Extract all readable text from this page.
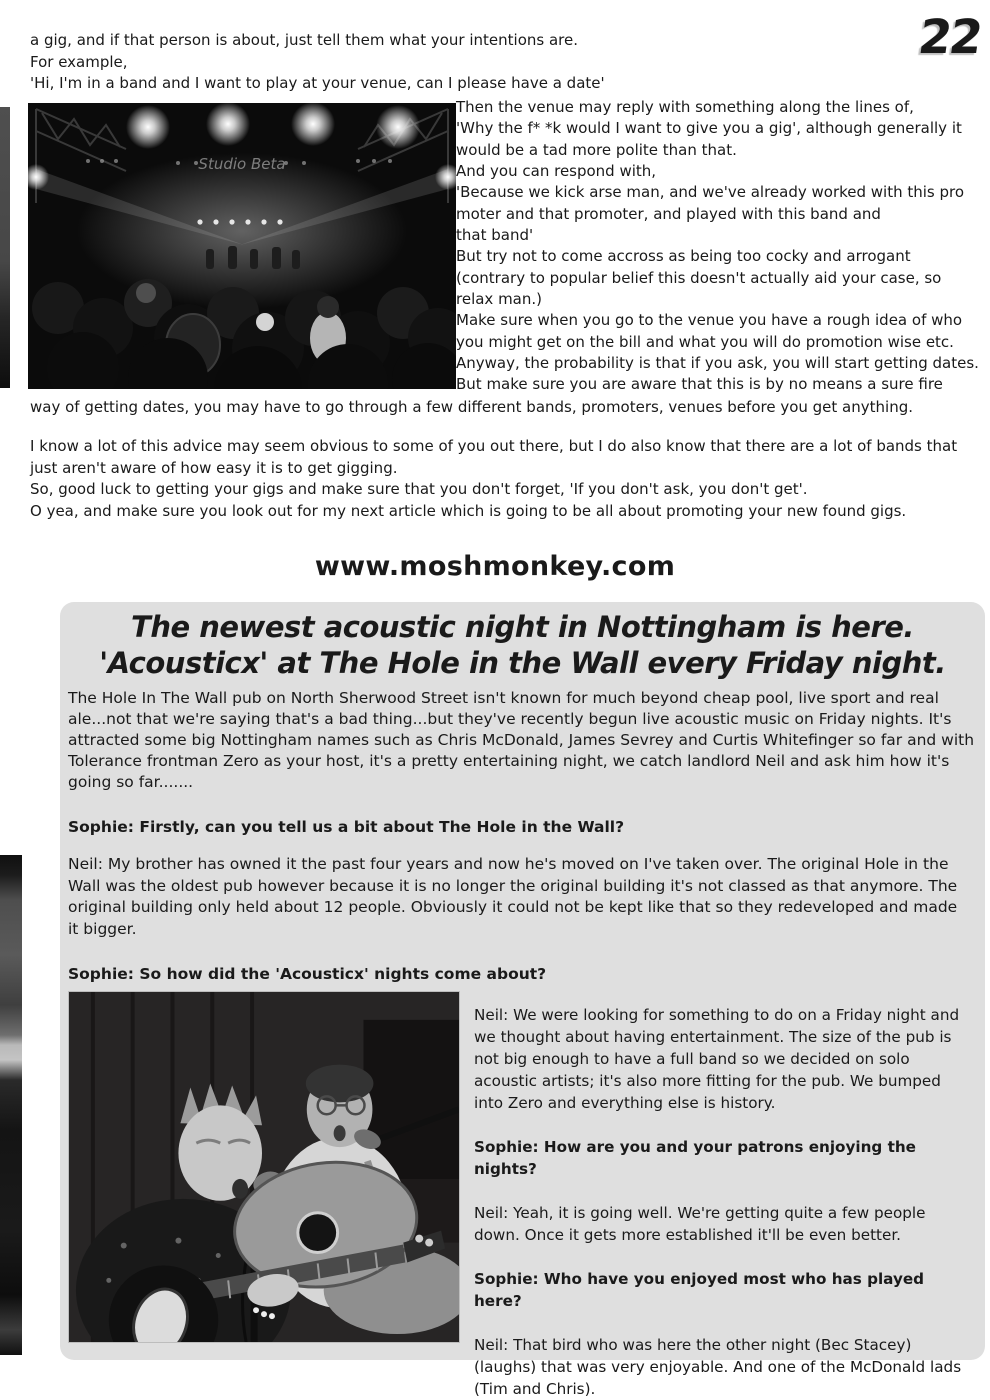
a gig, and if that person is about, just tell them what your intentions are.
For example,
'Hi, I'm in a band and I want to play at your venue, can I please have a date'
22
Then the venue may reply with something along the lines of,
'Why the f* *k would I want to give you a gig', although generally it
would be a tad more polite than that.
And you can respond with,
'Because we kick arse man, and we've already worked with this pro
moter and that promoter, and played with this band and
that band'
But try not to come accross as being too cocky and arrogant
(contrary to popular belief this doesn't actually aid your case, so
relax man.)
Make sure when you go to the venue you have a rough idea of who
you might get on the bill and what you will do promotion wise etc.
Anyway, the probability is that if you ask, you will start getting dates.
But make sure you are aware that this is by no means a sure fire
way of getting dates, you may have to go through a few different bands, promoters, venues before you get anything.
I know a lot of this advice may seem obvious to some of you out there, but I do also know that there are a lot of bands that
just aren't aware of how easy it is to get gigging.
So, good luck to getting your gigs and make sure that you don't forget, 'If you don't ask, you don't get'.
O yea, and make sure you look out for my next article which is going to be all about promoting your new found gigs.
www.moshmonkey.com
The newest acoustic night in Nottingham is here.
'Acousticx' at The Hole in the Wall every Friday night.

The Hole In The Wall pub on North Sherwood Street isn't known for much beyond cheap pool, live sport and real ale...not that we're saying that's a bad thing...but they've recently begun live acoustic music on Friday nights. It's attracted some big Nottingham names such as Chris McDonald, James Sevrey and Curtis Whitefinger so far and with Tolerance frontman Zero as your host, it's a pretty entertaining night, we catch landlord Neil and ask him how it's going so far.......

Sophie: Firstly, can you tell us a bit about The Hole in the Wall?

Neil: My brother has owned it the past four years and now he's moved on I've taken over. The original Hole in the Wall was the oldest pub however because it is no longer the original building it's not classed as that anymore. The original building only held about 12 people. Obviously it could not be kept like that so they redeveloped and made it bigger.

Sophie: So how did the 'Acousticx' nights come about?

Neil: We were looking for something to do on a Friday night and we thought about having entertainment. The size of the pub is not big enough to have a full band so we decided on solo acoustic artists; it's also more fitting for the pub. We bumped into Zero and everything else is history.

Sophie: How are you and your patrons enjoying the nights?

Neil: Yeah, it is going well. We're getting quite a few people down. Once it gets more established it'll be even better.

Sophie: Who have you enjoyed most who has played here?

Neil: That bird who was here the other night (Bec Stacey) (laughs) that was very enjoyable. And one of the McDonald lads (Tim and Chris).
